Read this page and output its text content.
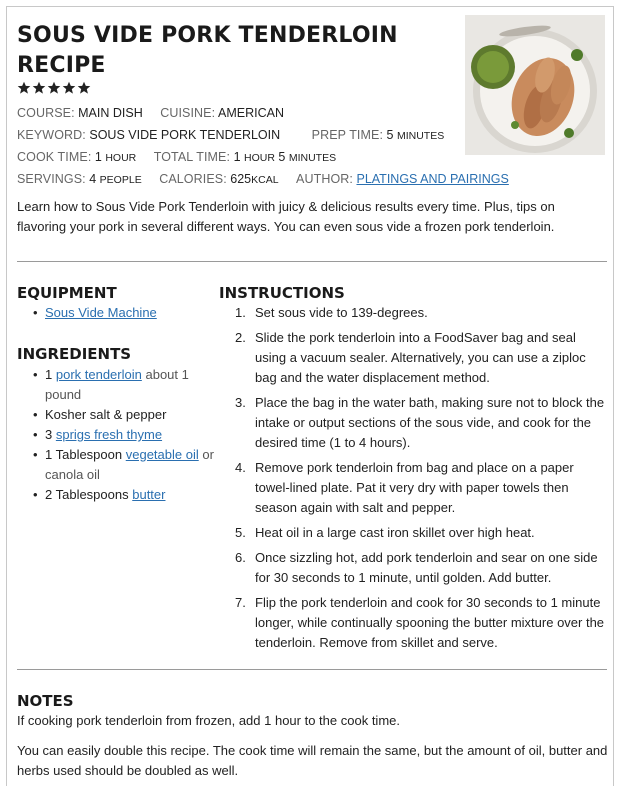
SOUS VIDE PORK TENDERLOIN RECIPE
COURSE: MAIN DISH CUISINE: AMERICAN
KEYWORD: SOUS VIDE PORK TENDERLOIN	PREP TIME: 5 MINUTES
COOK TIME: 1 HOUR TOTAL TIME: 1 HOUR 5 MINUTES
SERVINGS: 4 PEOPLE CALORIES: 625KCAL AUTHOR: PLATINGS AND PAIRINGS

Learn how to Sous Vide Pork Tenderloin with juicy & delicious results every time. Plus, tips on flavoring your pork in several different ways. You can even sous vide a frozen pork tenderloin.

EQUIPMENT
• Sous Vide Machine
INGREDIENTS
• 1 pork tenderloin about 1 pound
• Kosher salt & pepper
• 3 sprigs fresh thyme
• 1 Tablespoon vegetable oil or canola oil
• 2 Tablespoons butter
INSTRUCTIONS
1. Set sous vide to 139-degrees.
2. Slide the pork tenderloin into a FoodSaver bag and seal using a vacuum sealer. Alternatively, you can use a ziploc bag and the water displacement method.
3. Place the bag in the water bath, making sure not to block the intake or output sections of the sous vide, and cook for the desired time (1 to 4 hours).
4. Remove pork tenderloin from bag and place on a paper towel-lined plate. Pat it very dry with paper towels then season again with salt and pepper.
5. Heat oil in a large cast iron skillet over high heat.
6. Once sizzling hot, add pork tenderloin and sear on one side for 30 seconds to 1 minute, until golden. Add butter.
7. Flip the pork tenderloin and cook for 30 seconds to 1 minute longer, while continually spooning the butter mixture over the tenderloin. Remove from skillet and serve.
NOTES

If cooking pork tenderloin from frozen, add 1 hour to the cook time.

You can easily double this recipe. The cook time will remain the same, but the amount of oil, butter and herbs used should be doubled as well.
